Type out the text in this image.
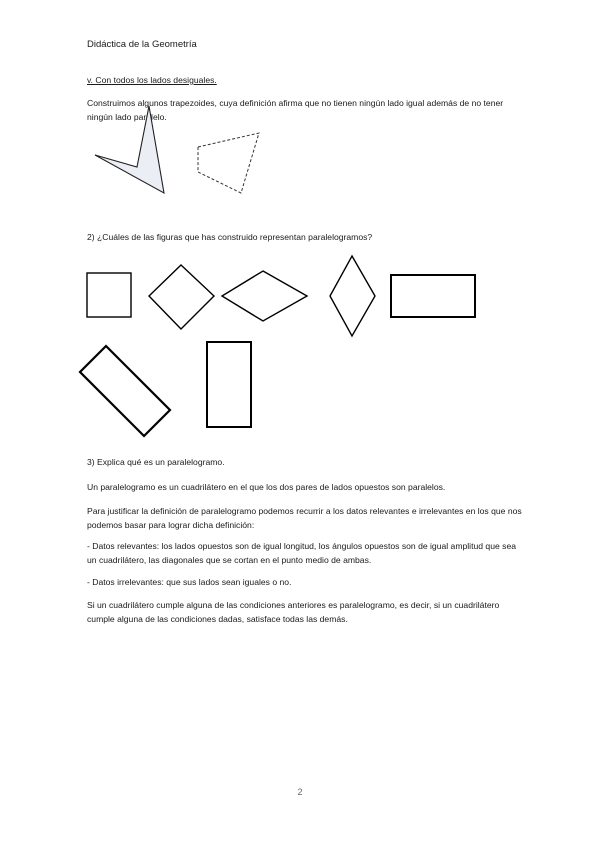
Didáctica de la Geometría

v. Con todos los lados desiguales.

Construimos algunos trapezoides, cuya definición afirma que no tienen ningún lado igual además de no tener ningún lado paralelo.

2) ¿Cuáles de las figuras que has construido representan paralelogramos?

3) Explica qué es un paralelogramo.

Un paralelogramo es un cuadrilátero en el que los dos pares de lados opuestos son paralelos.

Para justificar la definición de paralelogramo podemos recurrir a los datos relevantes e irrelevantes en los que nos podemos basar para lograr dicha definición:

- Datos relevantes: los lados opuestos son de igual longitud, los ángulos opuestos son de igual amplitud que sea un cuadrilátero, las diagonales que se cortan en el punto medio de ambas.

- Datos irrelevantes: que sus lados sean iguales o no.

Si un cuadrilátero cumple alguna de las condiciones anteriores es paralelogramo, es decir, si un cuadrilátero cumple alguna de las condiciones dadas, satisface todas las demás.

2
